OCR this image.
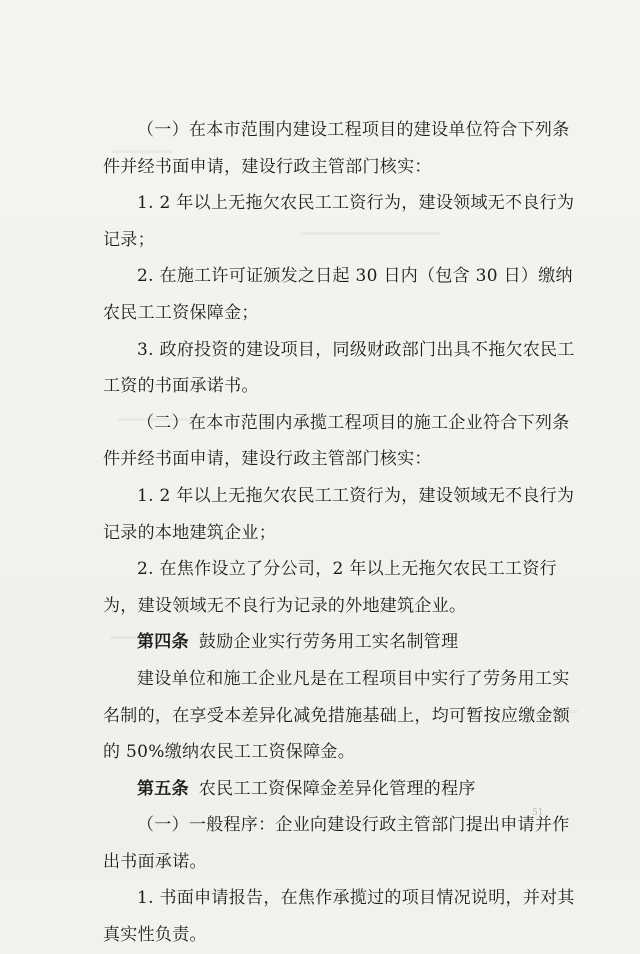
（一）在本市范围内建设工程项目的建设单位符合下列条件并经书面申请，建设行政主管部门核实：

1. 2 年以上无拖欠农民工工资行为，建设领域无不良行为记录；

2. 在施工许可证颁发之日起 30 日内（包含 30 日）缴纳农民工工资保障金；

3. 政府投资的建设项目，同级财政部门出具不拖欠农民工工资的书面承诺书。

（二）在本市范围内承揽工程项目的施工企业符合下列条件并经书面申请，建设行政主管部门核实：

1. 2 年以上无拖欠农民工工资行为，建设领域无不良行为记录的本地建筑企业；

2. 在焦作设立了分公司，2 年以上无拖欠农民工工资行为，建设领域无不良行为记录的外地建筑企业。

第四条 鼓励企业实行劳务用工实名制管理

建设单位和施工企业凡是在工程项目中实行了劳务用工实名制的，在享受本差异化减免措施基础上，均可暂按应缴金额的 50%缴纳农民工工资保障金。

第五条 农民工工资保障金差异化管理的程序

（一）一般程序：企业向建设行政主管部门提出申请并作出书面承诺。

1. 书面申请报告，在焦作承揽过的项目情况说明，并对其真实性负责。

51
